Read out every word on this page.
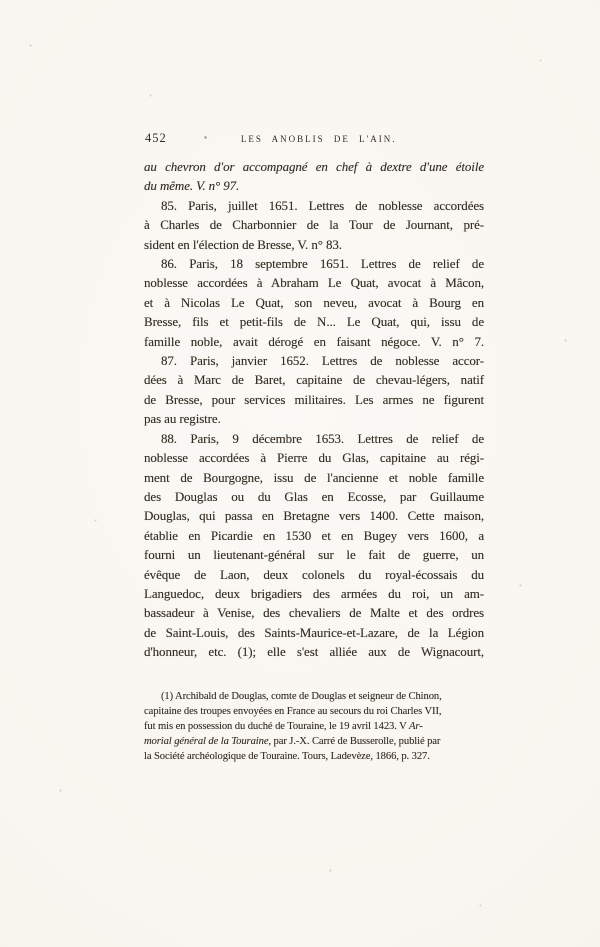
452	LES ANOBLIS DE L'AIN.
au chevron d'or accompagné en chef à dextre d'une étoile
du même. V. n° 97.
85. Paris, juillet 1651. Lettres de noblesse accordées
à Charles de Charbonnier de la Tour de Journant, pré-
sident en l'élection de Bresse, V. n° 83.
86. Paris, 18 septembre 1651. Lettres de relief de
noblesse accordées à Abraham Le Quat, avocat à Mâcon,
et à Nicolas Le Quat, son neveu, avocat à Bourg en
Bresse, fils et petit-fils de N... Le Quat, qui, issu de
famille noble, avait dérogé en faisant négoce. V. n° 7.
87. Paris, janvier 1652. Lettres de noblesse accor-
dées à Marc de Baret, capitaine de chevau-légers, natif
de Bresse, pour services militaires. Les armes ne figurent
pas au registre.
88. Paris, 9 décembre 1653. Lettres de relief de
noblesse accordées à Pierre du Glas, capitaine au régi-
ment de Bourgogne, issu de l'ancienne et noble famille
des Douglas ou du Glas en Ecosse, par Guillaume
Douglas, qui passa en Bretagne vers 1400. Cette maison,
établie en Picardie en 1530 et en Bugey vers 1600, a
fourni un lieutenant-général sur le fait de guerre, un
évêque de Laon, deux colonels du royal-écossais du
Languedoc, deux brigadiers des armées du roi, un am-
bassadeur à Venise, des chevaliers de Malte et des ordres
de Saint-Louis, des Saints-Maurice-et-Lazare, de la Légion
d'honneur, etc. (1); elle s'est alliée aux de Wignacourt,
(1) Archibald de Douglas, comte de Douglas et seigneur de Chinon,
capitaine des troupes envoyées en France au secours du roi Charles VII,
fut mis en possession du duché de Touraine, le 19 avril 1423. V Ar-
morial général de la Touraine, par J.-X. Carré de Busserolle, publié par
la Société archéologique de Touraine. Tours, Ladevèze, 1866, p. 327.
